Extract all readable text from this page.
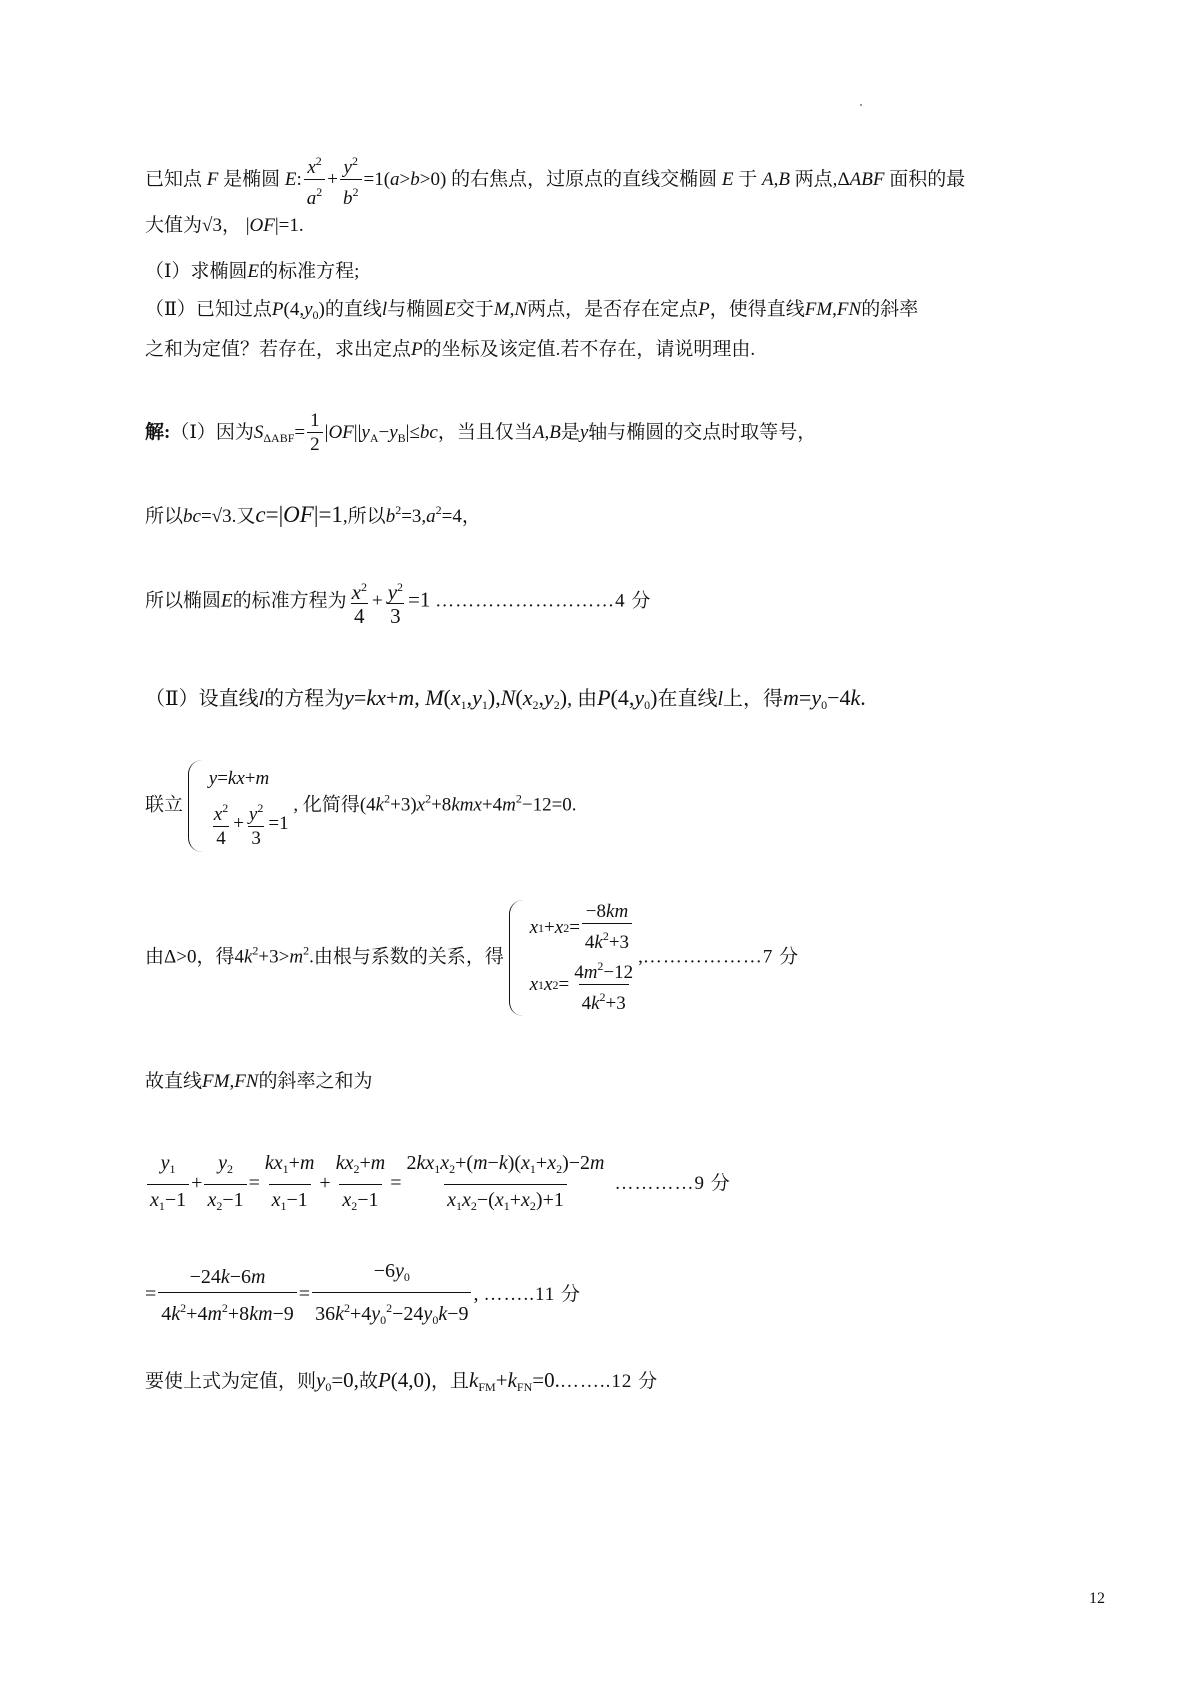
已知点 F 是椭圆 E: $\frac{x^2}{a^2} + \frac{y^2}{b^2} =1(a>b>0)$ 的右焦点，过原点的直线交椭圆 E 于 A,B 两点,ΔABF 面积的最
大值为√3， |OF|=1.
（Ⅰ）求椭圆E的标准方程;
（Ⅱ）已知过点$P(4,y_0)$的直线l与椭圆E交于M,N两点，是否存在定点P，使得直线FM,FN的斜率
之和为定值？若存在，求出定点P的坐标及该定值.若不存在，请说明理由.
解:（Ⅰ）因为$S_{\Delta ABF}= \frac{1}{2} |OF||y_A-y_B|\le bc$，当且仅当A,B是y轴与椭圆的交点时取等号，
所以bc=√3.又c=|OF|=1,所以$b^2=3,a^2=4$，
所以椭圆E的标准方程为 $\frac{x^2}{4} + \frac{y^2}{3} =1$ ………………………4 分
（Ⅱ）设直线l的方程为y=kx+m, $M(x_1,y_1),N(x_2,y_2)$, 由$P(4,y_0)$在直线l上，得$m=y_0-4k$.
联立
y = kx + m
$\frac{x^2}{4} + \frac{y^2}{3} =1$
, 化简得$(4k^2+3)x^2+8kmx+4m^2-12=0$.
由Δ>0，得$4k^2+3>m^2$.由根与系数的关系，得
x 1 + x $2 = \frac{-8km}{4k^2+3}$
x 1 x $2 = \frac{4m^2-12}{4k^2+3}$ ,………………7 分
故直线FM,FN的斜率之和为
$\frac{y_1}{x_1-1} + \frac{y_2}{x_2-1} = \frac{kx_1+m}{x_1-1} + \frac{kx_2+m}{x_2-1} = \frac{2kx_1x_2+(m-k)(x_1+x_2)-2m}{x_1x_2-(x_1+x_2)+1}$ …………9 分
= $\frac{-24k-6m}{4k^2+4m^2+8km-9} = \frac{-6y_0}{36k^2+4y_0^2-24y_0k-9}$ , ……..11 分
要使上式为定值，则$y_0=0$,故P(4,0)，且$k_{FM}+k_{FN}=0.\dots\dots..12$ 分
12
